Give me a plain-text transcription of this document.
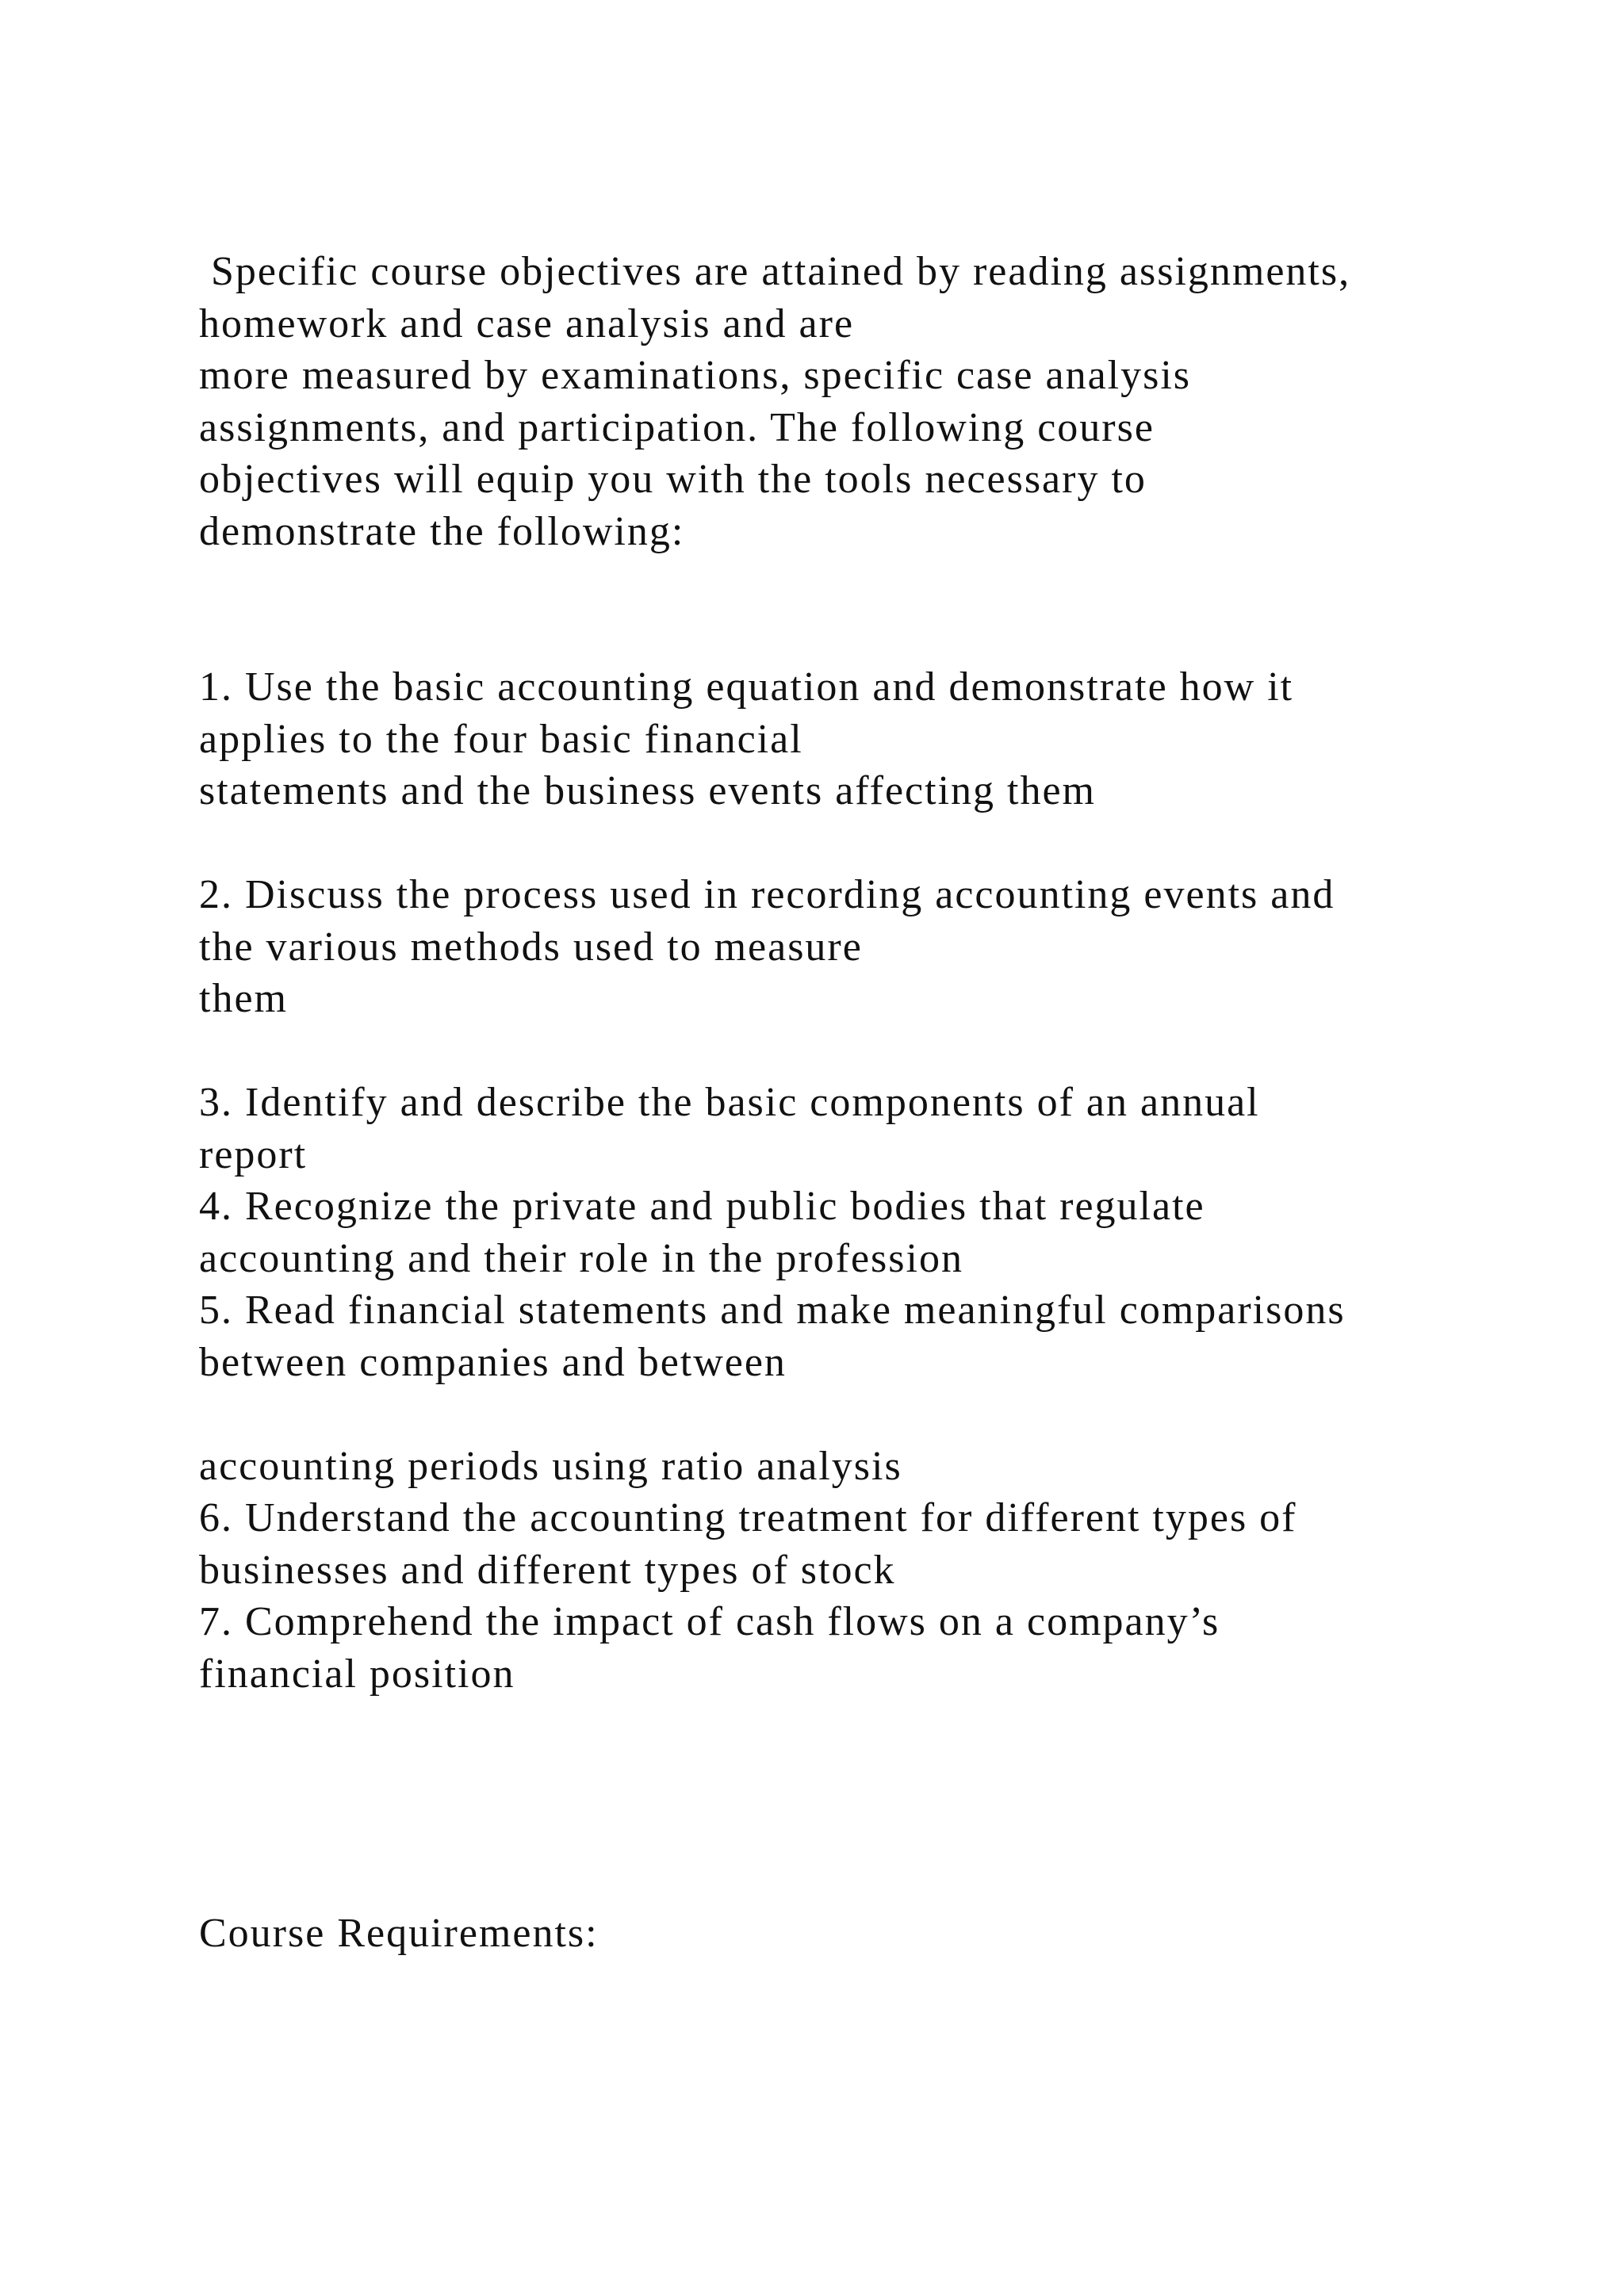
Specific course objectives are attained by reading assignments,
homework and case analysis and are
more measured by examinations, specific case analysis
assignments, and participation. The following course
objectives will equip you with the tools necessary to
demonstrate the following:
1. Use the basic accounting equation and demonstrate how it
applies to the four basic financial
statements and the business events affecting them
2. Discuss the process used in recording accounting events and
the various methods used to measure
them
3. Identify and describe the basic components of an annual
report
4. Recognize the private and public bodies that regulate
accounting and their role in the profession
5. Read financial statements and make meaningful comparisons
between companies and between
accounting periods using ratio analysis
6. Understand the accounting treatment for different types of
businesses and different types of stock
7. Comprehend the impact of cash flows on a company’s
financial position
Course Requirements:
